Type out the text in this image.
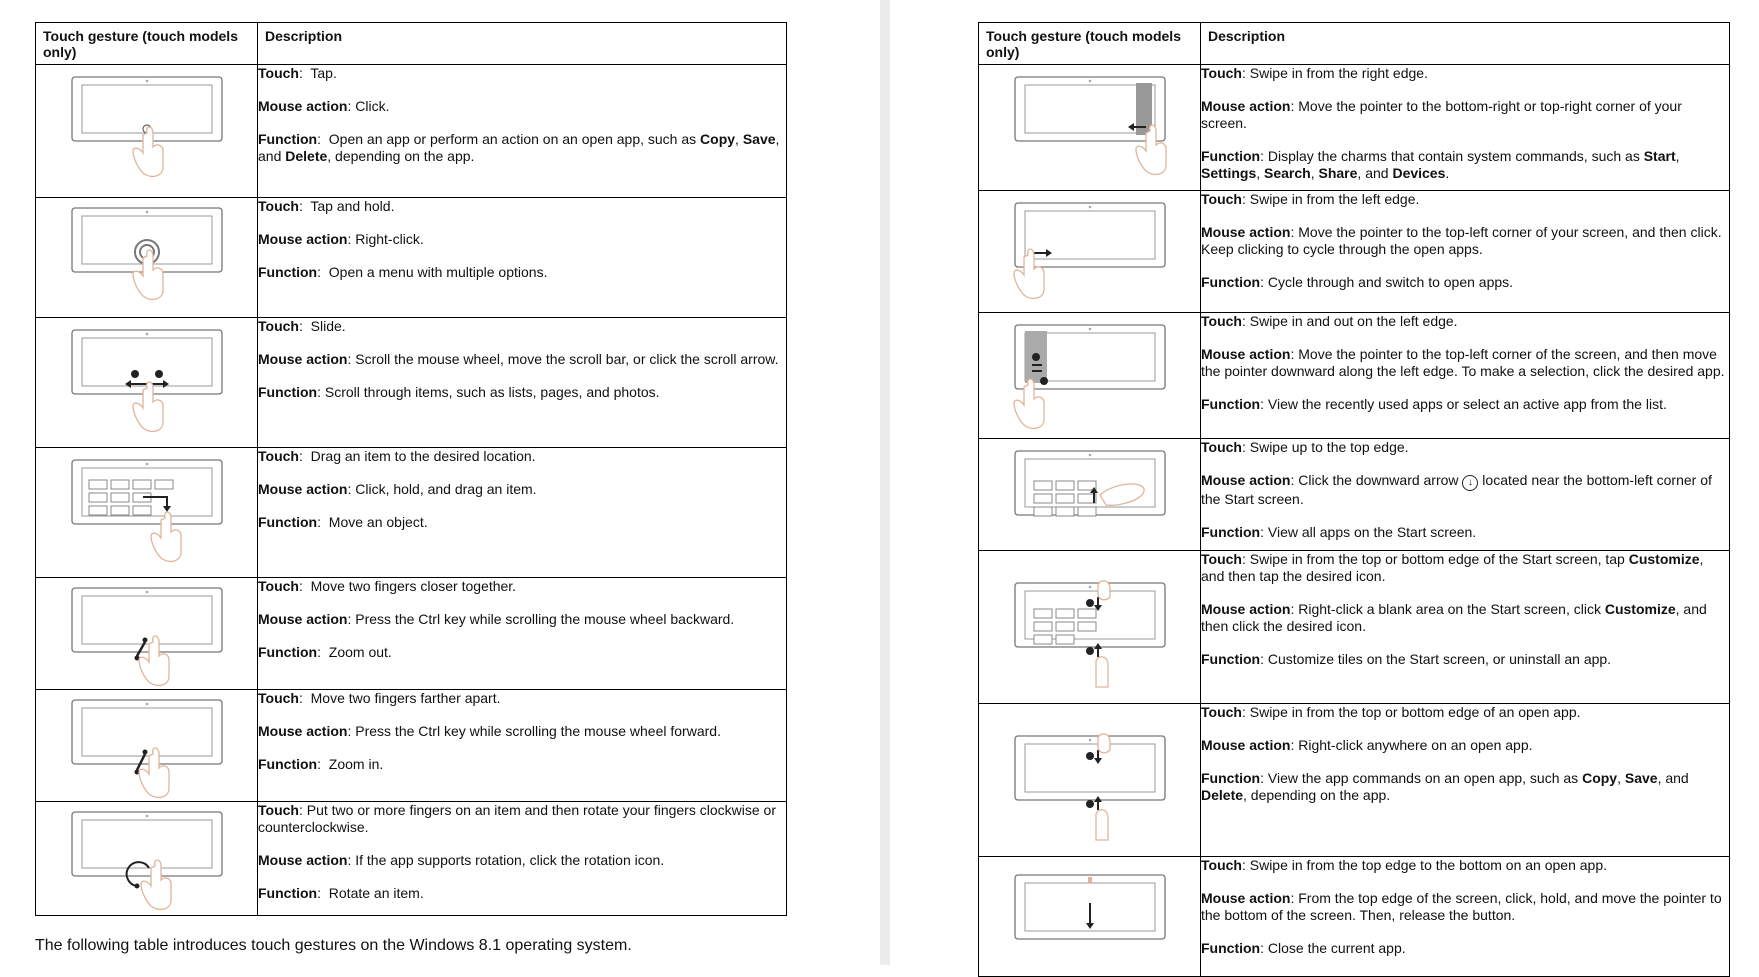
Touch gesture (touch models only)	Description

Touch:  Tap.

Mouse action: Click.

Function:  Open an app or perform an action on an open app, such as Copy, Save, and Delete, depending on the app.

Touch:  Tap and hold.

Mouse action: Right-click.

Function:  Open a menu with multiple options.

Touch:  Slide.

Mouse action: Scroll the mouse wheel, move the scroll bar, or click the scroll arrow.

Function: Scroll through items, such as lists, pages, and photos.

Touch:  Drag an item to the desired location.

Mouse action: Click, hold, and drag an item.

Function:  Move an object.

Touch:  Move two fingers closer together.

Mouse action: Press the Ctrl key while scrolling the mouse wheel backward.

Function:  Zoom out.

Touch:  Move two fingers farther apart.

Mouse action: Press the Ctrl key while scrolling the mouse wheel forward.

Function:  Zoom in.

Touch: Put two or more fingers on an item and then rotate your fingers clockwise or counterclockwise.

Mouse action: If the app supports rotation, click the rotation icon.

Function:  Rotate an item.

The following table introduces touch gestures on the Windows 8.1 operating system.
Touch gesture (touch models only)	Description

Touch: Swipe in from the right edge.

Mouse action: Move the pointer to the bottom-right or top-right corner of your screen.

Function: Display the charms that contain system commands, such as Start, Settings, Search, Share, and Devices.

Touch: Swipe in from the left edge.

Mouse action: Move the pointer to the top-left corner of your screen, and then click. Keep clicking to cycle through the open apps.

Function: Cycle through and switch to open apps.

Touch: Swipe in and out on the left edge.

Mouse action: Move the pointer to the top-left corner of the screen, and then move the pointer downward along the left edge. To make a selection, click the desired app.

Function: View the recently used apps or select an active app from the list.

Touch: Swipe up to the top edge.

Mouse action: Click the downward arrow ↓ located near the bottom-left corner of the Start screen.

Function: View all apps on the Start screen.

Touch: Swipe in from the top or bottom edge of the Start screen, tap Customize, and then tap the desired icon.

Mouse action: Right-click a blank area on the Start screen, click Customize, and then click the desired icon.

Function: Customize tiles on the Start screen, or uninstall an app.

Touch: Swipe in from the top or bottom edge of an open app.

Mouse action: Right-click anywhere on an open app.

Function: View the app commands on an open app, such as Copy, Save, and Delete, depending on the app.

Touch: Swipe in from the top edge to the bottom on an open app.

Mouse action: From the top edge of the screen, click, hold, and move the pointer to the bottom of the screen. Then, release the button.

Function: Close the current app.
